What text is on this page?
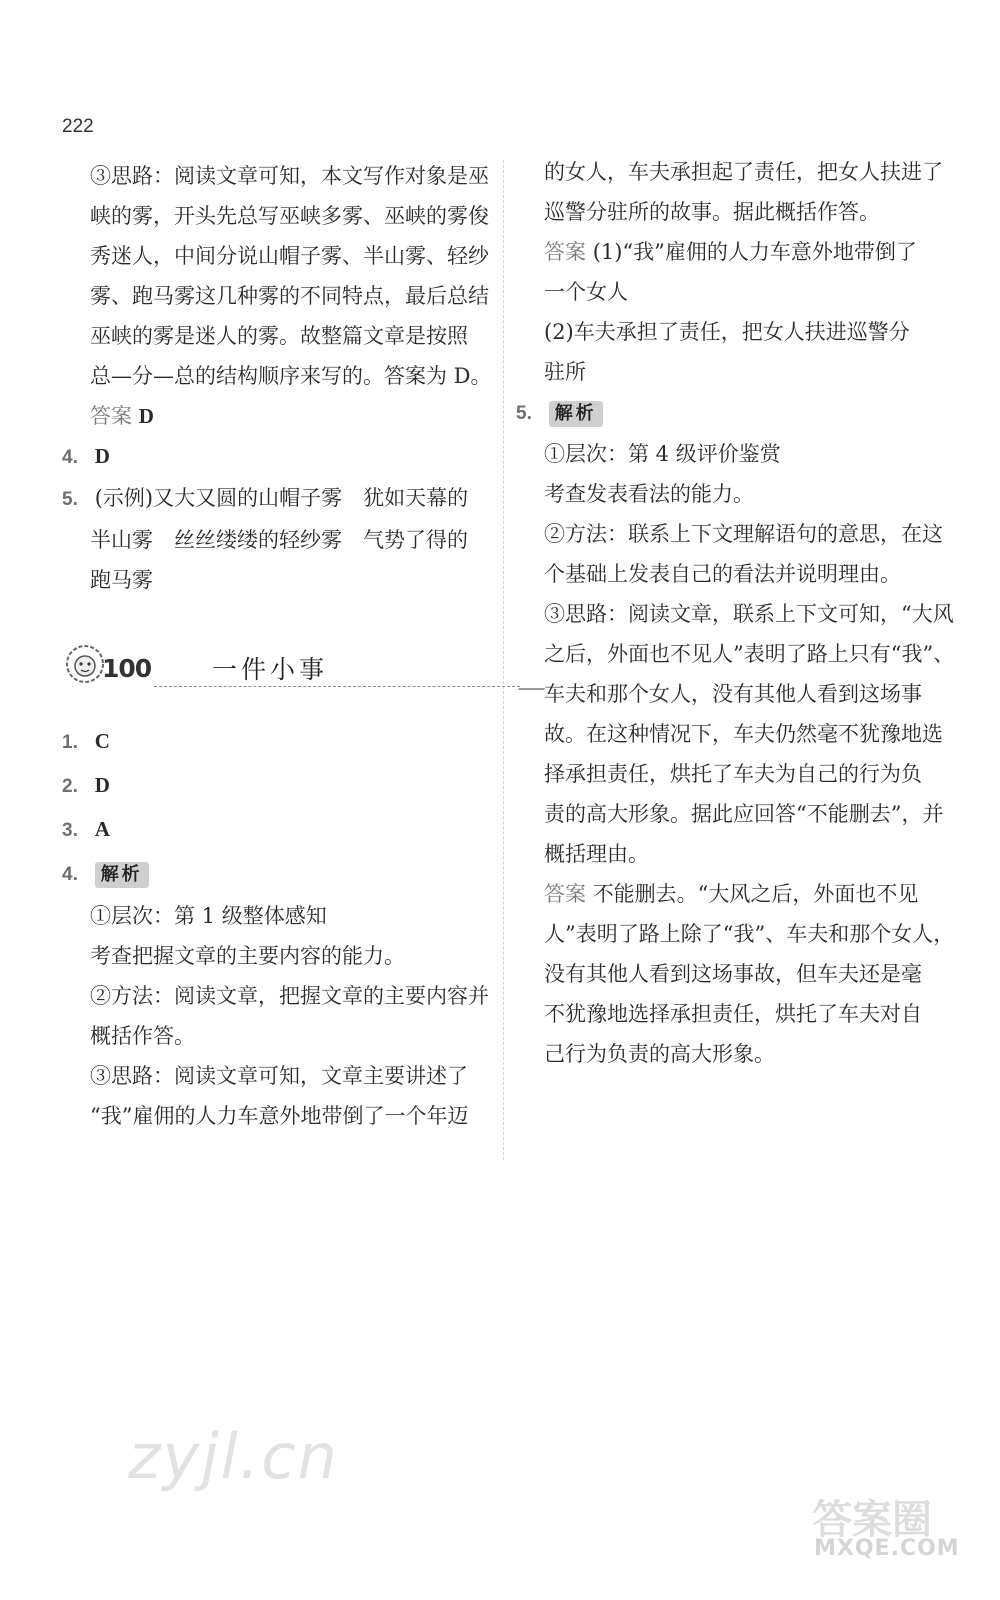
222
③思路：阅读文章可知，本文写作对象是巫
峡的雾，开头先总写巫峡多雾、巫峡的雾俊
秀迷人，中间分说山帽子雾、半山雾、轻纱
雾、跑马雾这几种雾的不同特点，最后总结
巫峡的雾是迷人的雾。故整篇文章是按照
总—分—总的结构顺序来写的。答案为 D。
答案 D
4. D
5. (示例)又大又圆的山帽子雾　犹如天幕的
半山雾　丝丝缕缕的轻纱雾　气势了得的
跑马雾
100 一件小事
1. C
2. D
3. A
4. 解析
①层次：第 1 级整体感知
考查把握文章的主要内容的能力。
②方法：阅读文章，把握文章的主要内容并
概括作答。
③思路：阅读文章可知，文章主要讲述了
“我”雇佣的人力车意外地带倒了一个年迈
的女人，车夫承担起了责任，把女人扶进了
巡警分驻所的故事。据此概括作答。
答案 (1)“我”雇佣的人力车意外地带倒了
一个女人
(2)车夫承担了责任，把女人扶进巡警分
驻所
5. 解析
①层次：第 4 级评价鉴赏
考查发表看法的能力。
②方法：联系上下文理解语句的意思，在这
个基础上发表自己的看法并说明理由。
③思路：阅读文章，联系上下文可知，“大风
之后，外面也不见人”表明了路上只有“我”、
车夫和那个女人，没有其他人看到这场事
故。在这种情况下，车夫仍然毫不犹豫地选
择承担责任，烘托了车夫为自己的行为负
责的高大形象。据此应回答“不能删去”，并
概括理由。
答案 不能删去。“大风之后，外面也不见
人”表明了路上除了“我”、车夫和那个女人，
没有其他人看到这场事故，但车夫还是毫
不犹豫地选择承担责任，烘托了车夫对自
己行为负责的高大形象。
zyjl.cn
答案圈
MXQE.COM
